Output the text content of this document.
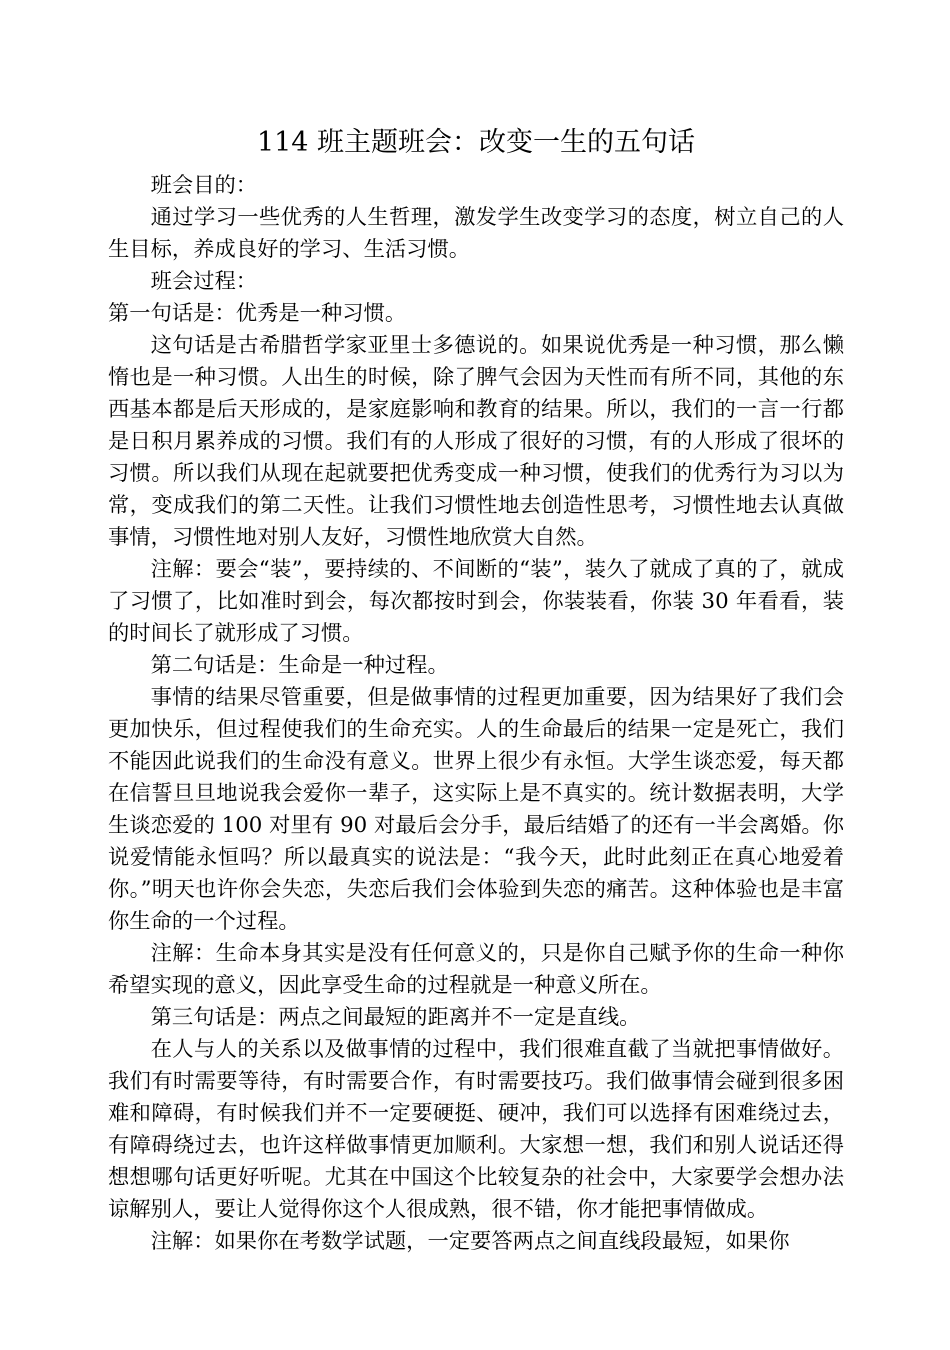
114 班主题班会：改变一生的五句话

班会目的：

通过学习一些优秀的人生哲理，激发学生改变学习的态度，树立自己的人生目标，养成良好的学习、生活习惯。

班会过程：

第一句话是：优秀是一种习惯。

这句话是古希腊哲学家亚里士多德说的。如果说优秀是一种习惯，那么懒惰也是一种习惯。人出生的时候，除了脾气会因为天性而有所不同，其他的东西基本都是后天形成的，是家庭影响和教育的结果。所以，我们的一言一行都是日积月累养成的习惯。我们有的人形成了很好的习惯，有的人形成了很坏的习惯。所以我们从现在起就要把优秀变成一种习惯，使我们的优秀行为习以为常，变成我们的第二天性。让我们习惯性地去创造性思考，习惯性地去认真做事情，习惯性地对别人友好，习惯性地欣赏大自然。

注解：要会“装”，要持续的、不间断的“装”，装久了就成了真的了，就成了习惯了，比如准时到会，每次都按时到会，你装装看，你装 30 年看看，装的时间长了就形成了习惯。

第二句话是：生命是一种过程。

事情的结果尽管重要，但是做事情的过程更加重要，因为结果好了我们会更加快乐，但过程使我们的生命充实。人的生命最后的结果一定是死亡，我们不能因此说我们的生命没有意义。世界上很少有永恒。大学生谈恋爱，每天都在信誓旦旦地说我会爱你一辈子，这实际上是不真实的。统计数据表明，大学生谈恋爱的 100 对里有 90 对最后会分手，最后结婚了的还有一半会离婚。你说爱情能永恒吗？所以最真实的说法是：“我今天，此时此刻正在真心地爱着你。”明天也许你会失恋，失恋后我们会体验到失恋的痛苦。这种体验也是丰富你生命的一个过程。

注解：生命本身其实是没有任何意义的，只是你自己赋予你的生命一种你希望实现的意义，因此享受生命的过程就是一种意义所在。

第三句话是：两点之间最短的距离并不一定是直线。

在人与人的关系以及做事情的过程中，我们很难直截了当就把事情做好。我们有时需要等待，有时需要合作，有时需要技巧。我们做事情会碰到很多困难和障碍，有时候我们并不一定要硬挺、硬冲，我们可以选择有困难绕过去，有障碍绕过去，也许这样做事情更加顺利。大家想一想，我们和别人说话还得想想哪句话更好听呢。尤其在中国这个比较复杂的社会中，大家要学会想办法谅解别人，要让人觉得你这个人很成熟，很不错，你才能把事情做成。

注解：如果你在考数学试题，一定要答两点之间直线段最短，如果你
